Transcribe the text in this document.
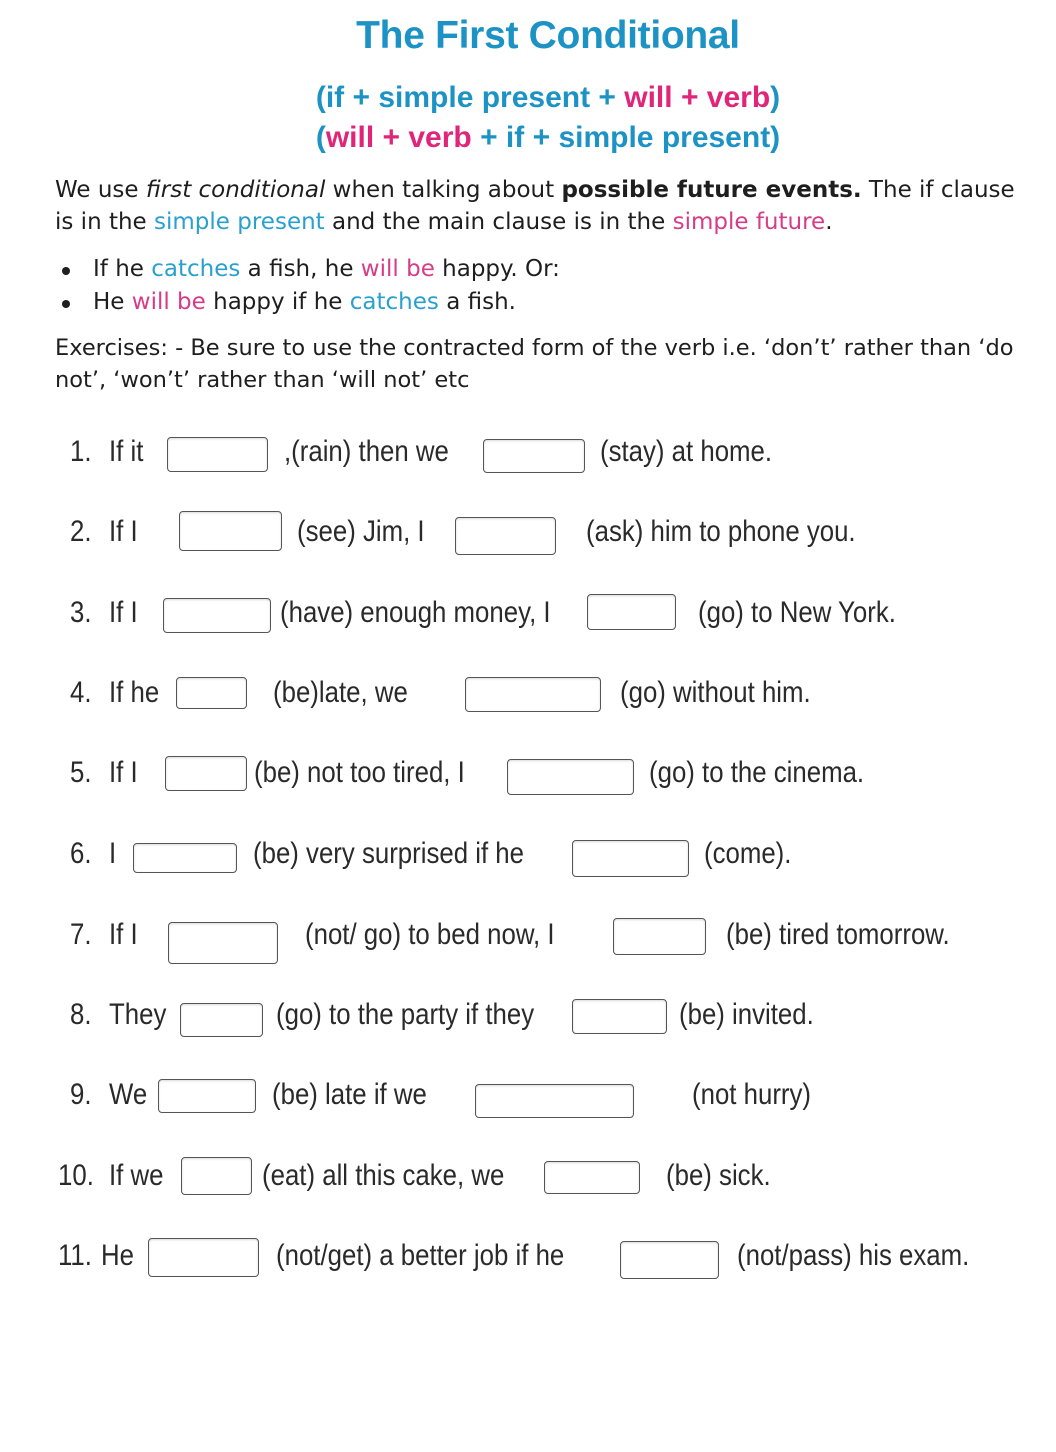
The First Conditional
(if + simple present + will + verb)
(will + verb + if + simple present)

We use first conditional when talking about possible future events. The if clause is in the simple present and the main clause is in the simple future.

If he catches a fish, he will be happy. Or:
He will be happy if he catches a fish.

Exercises: - Be sure to use the contracted form of the verb i.e. ‘don’t’ rather than ‘do not’, ‘won’t’ rather than ‘will not’ etc

1. If it	,(rain) then we	(stay) at home.
2. If I	(see) Jim, I	(ask) him to phone you.
3. If I	(have) enough money, I	(go) to New York.
4. If he	(be)late, we	(go) without him.
5. If I	(be) not too tired, I	(go) to the cinema.
6. I	(be) very surprised if he	(come).
7. If I	(not/ go) to bed now, I	(be) tired tomorrow.
8. They	(go) to the party if they	(be) invited.
9. We	(be) late if we	(not hurry)
10. If we	(eat) all this cake, we	(be) sick.
11. He	(not/get) a better job if he	(not/pass) his exam.
